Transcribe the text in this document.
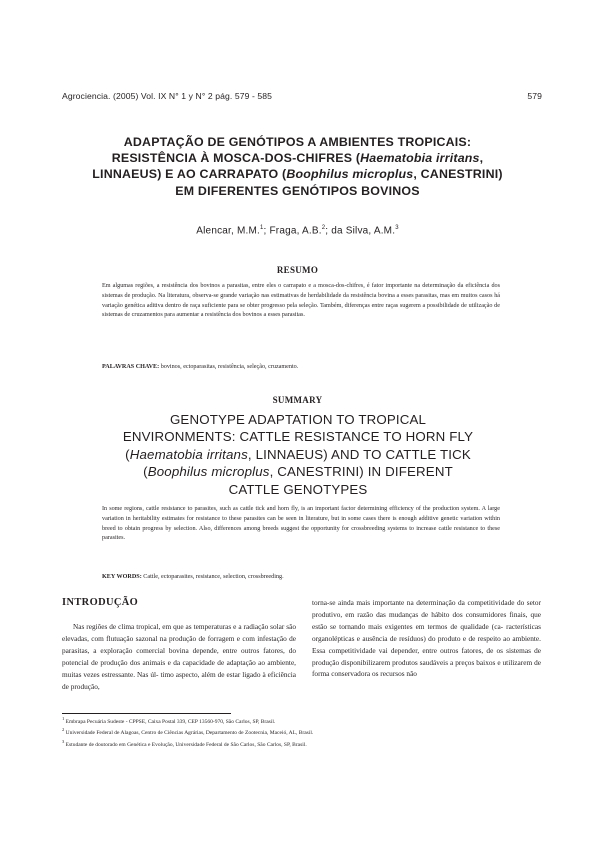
Agrociencia. (2005) Vol. IX N° 1 y N° 2 pág. 579 - 585	579
ADAPTAÇÃO DE GENÓTIPOS A AMBIENTES TROPICAIS:
RESISTÊNCIA À MOSCA-DOS-CHIFRES (Haematobia irritans,
LINNAEUS) E AO CARRAPATO (Boophilus microplus, CANESTRINI)
EM DIFERENTES GENÓTIPOS BOVINOS
Alencar, M.M.$^1$; Fraga, A.B.$^2$; da Silva, A.M.$^3$
RESUMO
Em algumas regiões, a resistência dos bovinos a parasitas, entre eles o carrapato e a mosca-dos-chifres, é fator importante na determinação da eficiência dos sistemas de produção. Na literatura, observa-se grande variação nas estimativas de herdabilidade da resistência bovina a esses parasitas, mas em muitos casos há variação genética aditiva dentro de raça suficiente para se obter progresso pela seleção. Também, diferenças entre raças sugerem a possibilidade de utilização de sistemas de cruzamentos para aumentar a resistência dos bovinos a esses parasitas.
PALAVRAS CHAVE: bovinos, ectoparasitas, resistência, seleção, cruzamento.
SUMMARY
GENOTYPE ADAPTATION TO TROPICAL
ENVIRONMENTS: CATTLE RESISTANCE TO HORN FLY
(Haematobia irritans, LINNAEUS) AND TO CATTLE TICK
(Boophilus microplus, CANESTRINI) IN DIFERENT
CATTLE GENOTYPES
In some regions, cattle resistance to parasites, such as cattle tick and horn fly, is an important factor determining efficiency of the production system. A large variation in heritability estimates for resistance to these parasites can be seen in literature, but in some cases there is enough additive genetic variation within breed to obtain progress by selection. Also, differences among breeds suggest the opportunity for crossbreeding systems to increase cattle resistance to these parasites.
KEY WORDS: Cattle, ectoparasites, resistance, selection, crossbreeding.
INTRODUÇÃO
Nas regiões de clima tropical, em que as temperaturas e a radiação solar são elevadas, com flutuação sazonal na produção de forragem e com infestação de parasitas, a exploração comercial bovina depende, entre outros fatores, do potencial de produção dos animais e da capacidade de adaptação ao ambiente, muitas vezes estressante. Nas úl- timo aspecto, além de estar ligado à eficiência de produção,
torna-se ainda mais importante na determinação da competitividade do setor produtivo, em razão das mudanças de hábito dos consumidores finais, que estão se tornando mais exigentes em termos de qualidade (ca- racterísticas organolépticas e ausência de resíduos) do produto e de respeito ao ambiente. Essa competitividade vai depender, entre outros fatores, de os sistemas de produção disponibilizarem produtos saudáveis a preços baixos e utilizarem de forma conservadora os recursos não
$^1$ Embrapa Pecuária Sudeste - CPPSE, Caixa Postal 339, CEP 13560-970, São Carlos, SP, Brasil.
$^2$ Universidade Federal de Alagoas, Centro de Ciências Agrárias, Departamento de Zootecnia, Maceió, AL, Brasil.
$^3$ Estudante de doutorado em Genética e Evolução, Universidade Federal de São Carlos, São Carlos, SP, Brasil.
